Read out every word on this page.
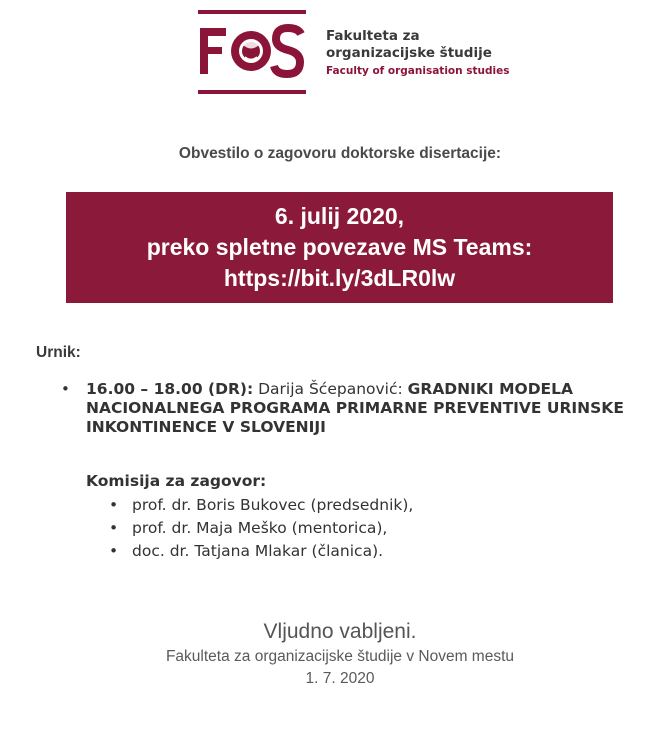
Fakulteta za
organizacijske študije
Faculty of organisation studies
Obvestilo o zagovoru doktorske disertacije:
6. julij 2020,
preko spletne povezave MS Teams:
https://bit.ly/3dLR0lw
Urnik:
• 16.00 – 18.00 (DR): Darija Šćepanović: GRADNIKI MODELA NACIONALNEGA PROGRAMA PRIMARNE PREVENTIVE URINSKE INKONTINENCE V SLOVENIJI
Komisija za zagovor:
• prof. dr. Boris Bukovec (predsednik),
• prof. dr. Maja Meško (mentorica),
• doc. dr. Tatjana Mlakar (članica).
Vljudno vabljeni.
Fakulteta za organizacijske študije v Novem mestu
1. 7. 2020
